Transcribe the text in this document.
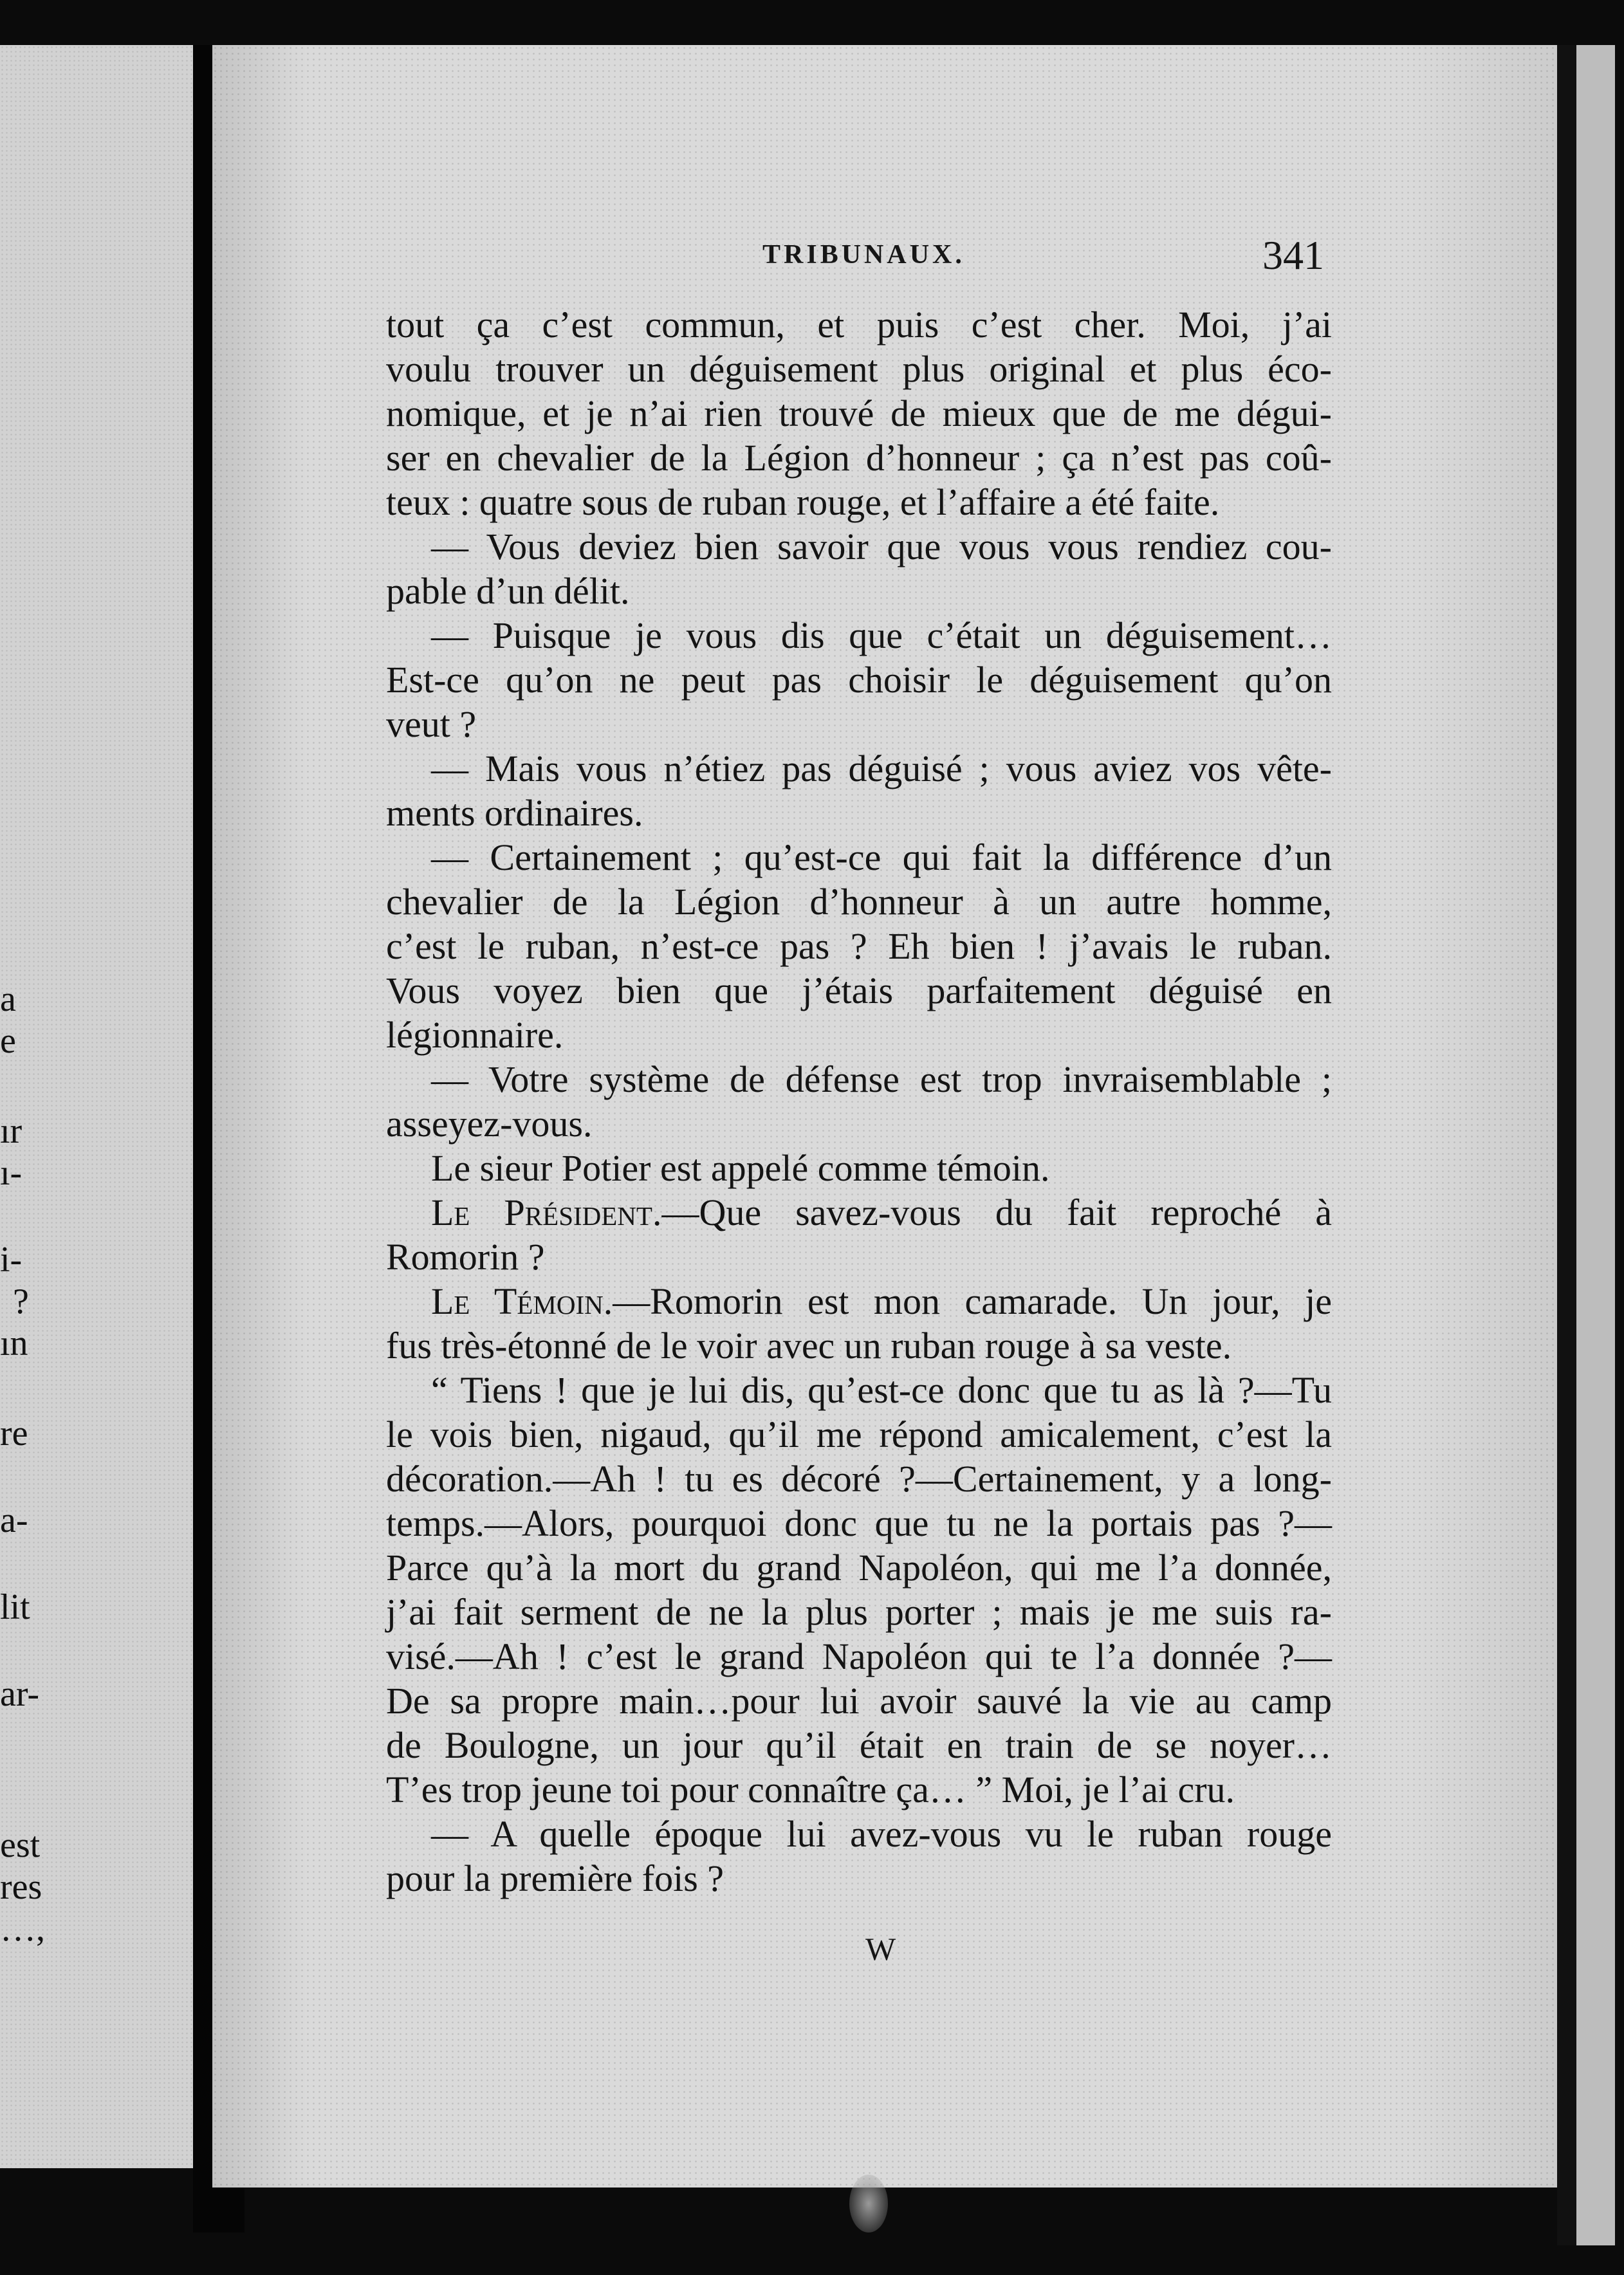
a
e
ır
ı-
i-
?
ın
re
a-
lit
ar-
est
res
…,
TRIBUNAUX.	341
tout ça c’est commun, et puis c’est cher. Moi, j’ai
voulu trouver un déguisement plus original et plus éco-
nomique, et je n’ai rien trouvé de mieux que de me dégui-
ser en chevalier de la Légion d’honneur ; ça n’est pas coû-
teux : quatre sous de ruban rouge, et l’affaire a été faite.
— Vous deviez bien savoir que vous vous rendiez cou-
pable d’un délit.
— Puisque je vous dis que c’était un déguisement…
Est-ce qu’on ne peut pas choisir le déguisement qu’on
veut ?
— Mais vous n’étiez pas déguisé ; vous aviez vos vête-
ments ordinaires.
— Certainement ; qu’est-ce qui fait la différence d’un
chevalier de la Légion d’honneur à un autre homme,
c’est le ruban, n’est-ce pas ? Eh bien ! j’avais le ruban.
Vous voyez bien que j’étais parfaitement déguisé en
légionnaire.
— Votre système de défense est trop invraisemblable ;
asseyez-vous.
Le sieur Potier est appelé comme témoin.
Le Président.—Que savez-vous du fait reproché à
Romorin ?
Le Témoin.—Romorin est mon camarade. Un jour, je
fus très-étonné de le voir avec un ruban rouge à sa veste.
“ Tiens ! que je lui dis, qu’est-ce donc que tu as là ?—Tu
le vois bien, nigaud, qu’il me répond amicalement, c’est la
décoration.—Ah ! tu es décoré ?—Certainement, y a long-
temps.—Alors, pourquoi donc que tu ne la portais pas ?—
Parce qu’à la mort du grand Napoléon, qui me l’a donnée,
j’ai fait serment de ne la plus porter ; mais je me suis ra-
visé.—Ah ! c’est le grand Napoléon qui te l’a donnée ?—
De sa propre main…pour lui avoir sauvé la vie au camp
de Boulogne, un jour qu’il était en train de se noyer…
T’es trop jeune toi pour connaître ça… ” Moi, je l’ai cru.
— A quelle époque lui avez-vous vu le ruban rouge
pour la première fois ?
W
